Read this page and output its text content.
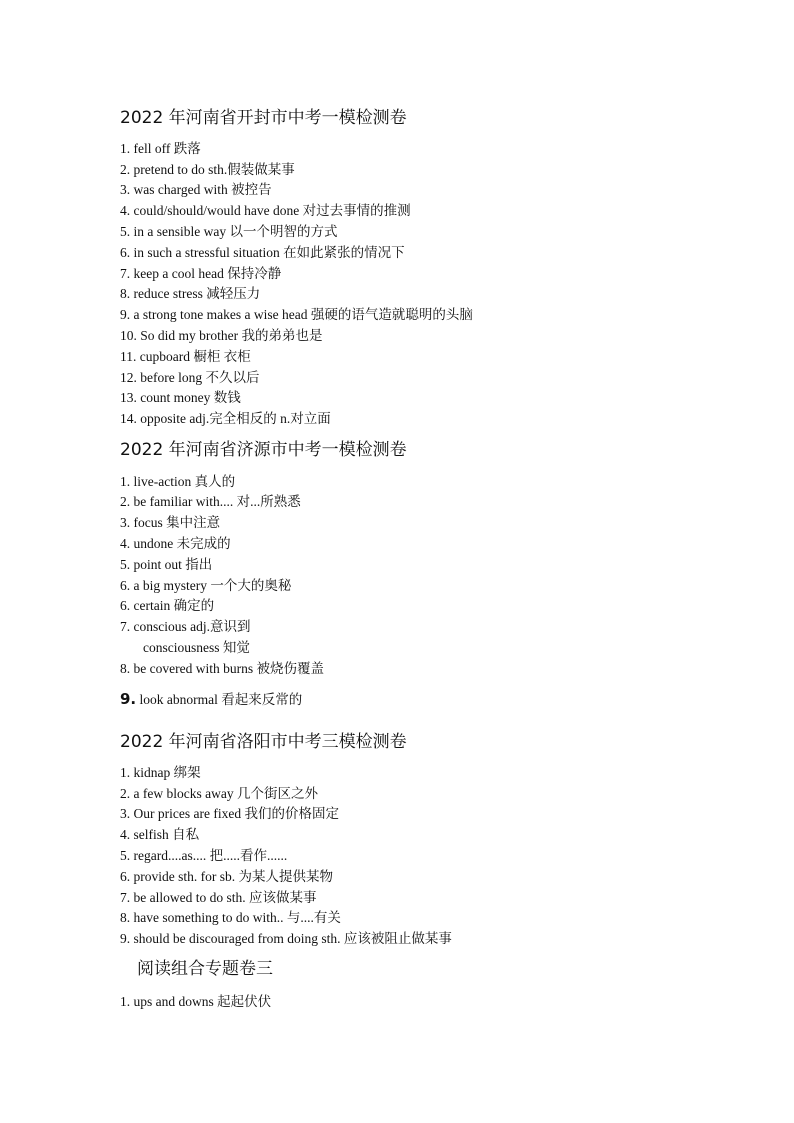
2022 年河南省开封市中考一模检测卷
1. fell off 跌落
2. pretend to do sth.假装做某事
3. was charged with 被控告
4. could/should/would have done 对过去事情的推测
5. in a sensible way 以一个明智的方式
6. in such a stressful situation 在如此紧张的情况下
7. keep a cool head 保持冷静
8. reduce stress 减轻压力
9. a strong tone makes a wise head 强硬的语气造就聪明的头脑
10. So did my brother 我的弟弟也是
11. cupboard 橱柜 衣柜
12. before long 不久以后
13. count money 数钱
14. opposite adj.完全相反的 n.对立面
2022 年河南省济源市中考一模检测卷
1. live-action 真人的
2. be familiar with.... 对...所熟悉
3. focus 集中注意
4. undone 未完成的
5. point out 指出
6. a big mystery 一个大的奥秘
6. certain 确定的
7. conscious adj.意识到
consciousness 知觉
8. be covered with burns 被烧伤覆盖
9. look abnormal 看起来反常的
2022 年河南省洛阳市中考三模检测卷
1. kidnap 绑架
2. a few blocks away 几个街区之外
3. Our prices are fixed 我们的价格固定
4. selfish 自私
5. regard....as.... 把.....看作......
6. provide sth. for sb. 为某人提供某物
7. be allowed to do sth. 应该做某事
8. have something to do with.. 与....有关
9. should be discouraged from doing sth. 应该被阻止做某事
阅读组合专题卷三
1. ups and downs 起起伏伏
